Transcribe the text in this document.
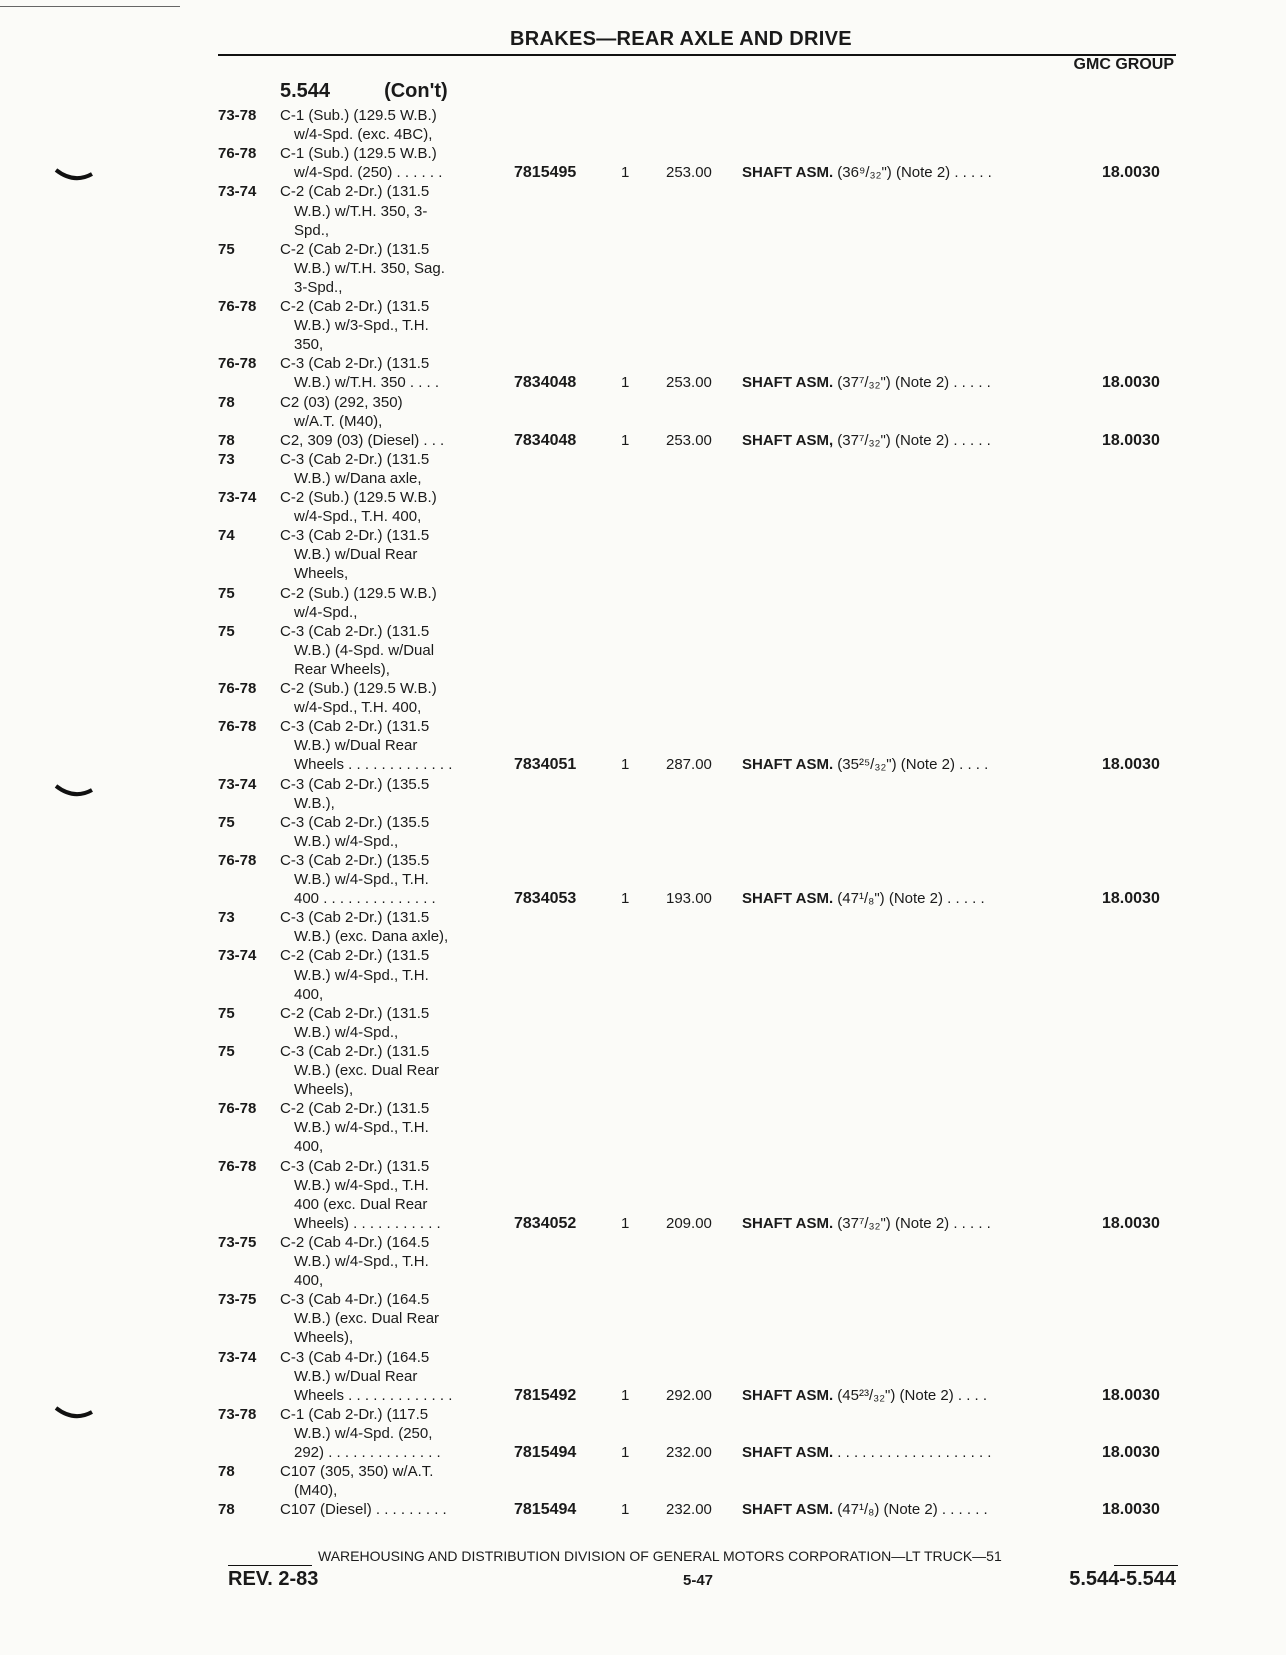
BRAKES—REAR AXLE AND DRIVE
GMC GROUP
5.544	(Con't)
73-78 C-1 (Sub.) (129.5 W.B.)
w/4-Spd. (exc. 4BC),
76-78 C-1 (Sub.) (129.5 W.B.)
w/4-Spd. (250) . . . . . .	7815495	1 253.00 SHAFT ASM. (36⁹/₃₂") (Note 2) . . . . .	18.0030
73-74 C-2 (Cab 2-Dr.) (131.5
W.B.) w/T.H. 350, 3-
Spd.,
75	C-2 (Cab 2-Dr.) (131.5
W.B.) w/T.H. 350, Sag.
3-Spd.,
76-78 C-2 (Cab 2-Dr.) (131.5
W.B.) w/3-Spd., T.H.
350,
76-78 C-3 (Cab 2-Dr.) (131.5
W.B.) w/T.H. 350 . . . .	7834048	1 253.00 SHAFT ASM. (37⁷/₃₂") (Note 2) . . . . .	18.0030
78	C2 (03) (292, 350)
w/A.T. (M40),
78	C2, 309 (03) (Diesel) . . .	7834048	1 253.00 SHAFT ASM, (37⁷/₃₂") (Note 2) . . . . .	18.0030
73	C-3 (Cab 2-Dr.) (131.5
W.B.) w/Dana axle,
73-74 C-2 (Sub.) (129.5 W.B.)
w/4-Spd., T.H. 400,
74	C-3 (Cab 2-Dr.) (131.5
W.B.) w/Dual Rear
Wheels,
75	C-2 (Sub.) (129.5 W.B.)
w/4-Spd.,
75	C-3 (Cab 2-Dr.) (131.5
W.B.) (4-Spd. w/Dual
Rear Wheels),
76-78 C-2 (Sub.) (129.5 W.B.)
w/4-Spd., T.H. 400,
76-78 C-3 (Cab 2-Dr.) (131.5
W.B.) w/Dual Rear
Wheels . . . . . . . . . . . . .	7834051	1 287.00 SHAFT ASM. (35²⁵/₃₂") (Note 2) . . . .	18.0030
73-74 C-3 (Cab 2-Dr.) (135.5
W.B.),
75	C-3 (Cab 2-Dr.) (135.5
W.B.) w/4-Spd.,
76-78 C-3 (Cab 2-Dr.) (135.5
W.B.) w/4-Spd., T.H.
400 . . . . . . . . . . . . . .	7834053	1 193.00 SHAFT ASM. (47¹/₈") (Note 2) . . . . .	18.0030
73	C-3 (Cab 2-Dr.) (131.5
W.B.) (exc. Dana axle),
73-74 C-2 (Cab 2-Dr.) (131.5
W.B.) w/4-Spd., T.H.
400,
75	C-2 (Cab 2-Dr.) (131.5
W.B.) w/4-Spd.,
75	C-3 (Cab 2-Dr.) (131.5
W.B.) (exc. Dual Rear
Wheels),
76-78 C-2 (Cab 2-Dr.) (131.5
W.B.) w/4-Spd., T.H.
400,
76-78 C-3 (Cab 2-Dr.) (131.5
W.B.) w/4-Spd., T.H.
400 (exc. Dual Rear
Wheels) . . . . . . . . . . .	7834052	1 209.00 SHAFT ASM. (37⁷/₃₂") (Note 2) . . . . .	18.0030
73-75 C-2 (Cab 4-Dr.) (164.5
W.B.) w/4-Spd., T.H.
400,
73-75 C-3 (Cab 4-Dr.) (164.5
W.B.) (exc. Dual Rear
Wheels),
73-74 C-3 (Cab 4-Dr.) (164.5
W.B.) w/Dual Rear
Wheels . . . . . . . . . . . . .	7815492	1 292.00 SHAFT ASM. (45²³/₃₂") (Note 2) . . . .	18.0030
73-78 C-1 (Cab 2-Dr.) (117.5
W.B.) w/4-Spd. (250,
292) . . . . . . . . . . . . . .	7815494	1 232.00 SHAFT ASM. . . . . . . . . . . . . . . . . . . .	18.0030
78	C107 (305, 350) w/A.T.
(M40),
78	C107 (Diesel) . . . . . . . . .	7815494	1 232.00 SHAFT ASM. (47¹/₈) (Note 2) . . . . . .	18.0030
WAREHOUSING AND DISTRIBUTION DIVISION OF GENERAL MOTORS CORPORATION—LT TRUCK—51
REV. 2-83	5-47	5.544-5.544
